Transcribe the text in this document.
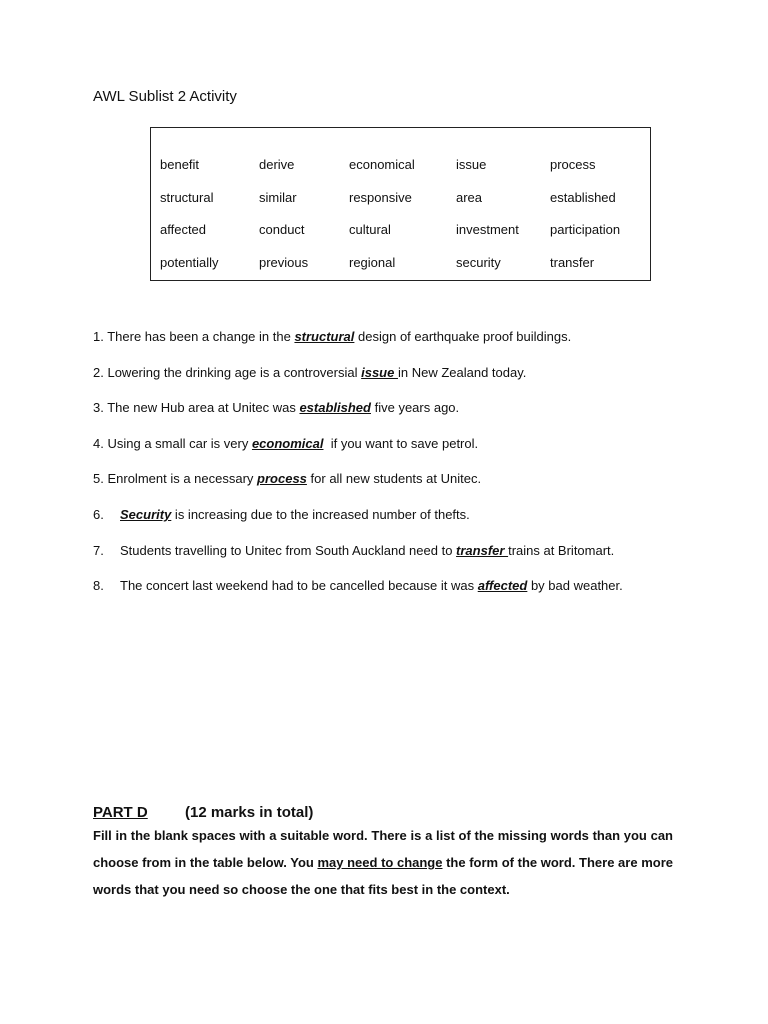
AWL Sublist 2 Activity
benefit	derive	economical	issue	process
structural	similar	responsive	area	established
affected	conduct	cultural	investment	participation
potentially	previous	regional	security	transfer
1. There has been a change in the structural design of earthquake proof buildings.
2. Lowering the drinking age is a controversial issue in New Zealand today.
3. The new Hub area at Unitec was established five years ago.
4. Using a small car is very economical  if you want to save petrol.
5. Enrolment is a necessary process for all new students at Unitec.
6. Security is increasing due to the increased number of thefts.
7. Students travelling to Unitec from South Auckland need to transfer trains at Britomart.
8. The concert last weekend had to be cancelled because it was affected by bad weather.
PART D (12 marks in total)

Fill in the blank spaces with a suitable word. There is a list of the missing words than you can choose from in the table below. You may need to change the form of the word. There are more words that you need so choose the one that fits best in the context.
